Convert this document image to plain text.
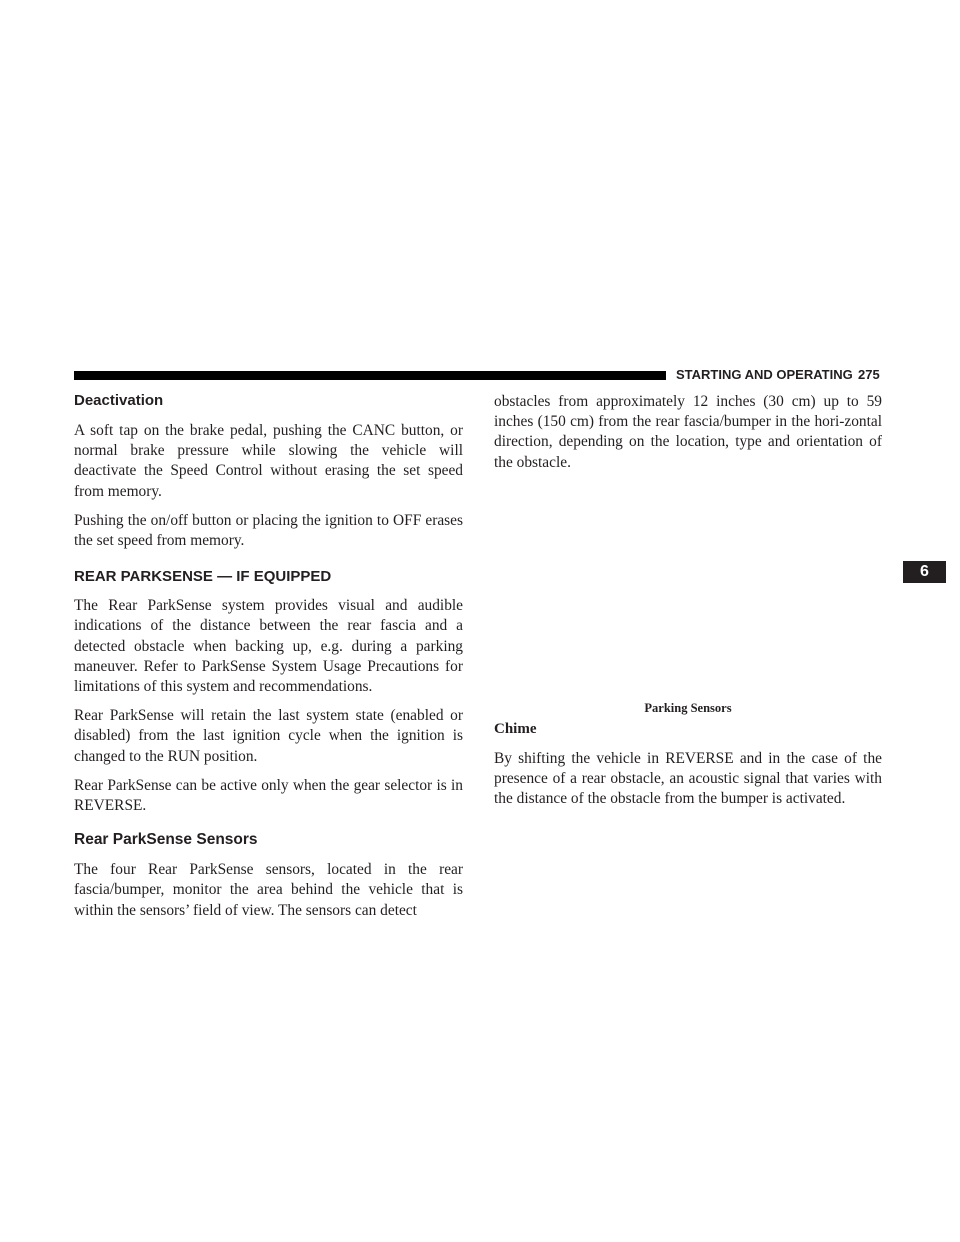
STARTING AND OPERATING 275
Deactivation

A soft tap on the brake pedal, pushing the CANC button, or normal brake pressure while slowing the vehicle will deactivate the Speed Control without erasing the set speed from memory.

Pushing the on/off button or placing the ignition to OFF erases the set speed from memory.

REAR PARKSENSE — IF EQUIPPED

The Rear ParkSense system provides visual and audible indications of the distance between the rear fascia and a detected obstacle when backing up, e.g. during a parking maneuver. Refer to ParkSense System Usage Precautions for limitations of this system and recommendations.

Rear ParkSense will retain the last system state (enabled or disabled) from the last ignition cycle when the ignition is changed to the RUN position.

Rear ParkSense can be active only when the gear selector is in REVERSE.

Rear ParkSense Sensors

The four Rear ParkSense sensors, located in the rear fascia/bumper, monitor the area behind the vehicle that is within the sensors’ field of view. The sensors can detect

obstacles from approximately 12 inches (30 cm) up to 59 inches (150 cm) from the rear fascia/bumper in the hori-zontal direction, depending on the location, type and orientation of the obstacle.

Parking Sensors
Chime

By shifting the vehicle in REVERSE and in the case of the presence of a rear obstacle, an acoustic signal that varies with the distance of the obstacle from the bumper is activated.

6
